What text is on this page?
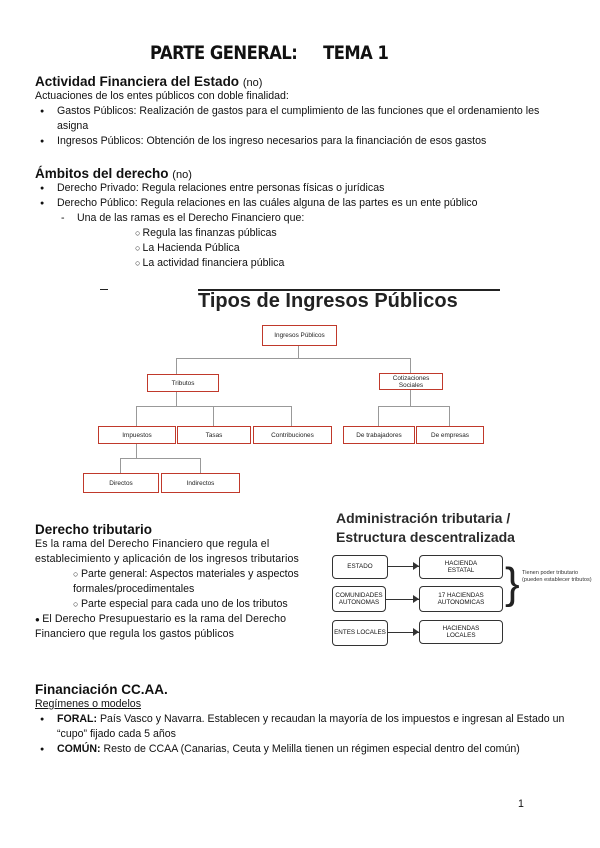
PARTE GENERAL: TEMA 1
Actividad Financiera del Estado (no)
Actuaciones de los entes públicos con doble finalidad:
● Gastos Públicos: Realización de gastos para el cumplimiento de las funciones que el ordenamiento les asigna
● Ingresos Públicos: Obtención de los ingreso necesarios para la financiación de esos gastos
Ámbitos del derecho (no)
● Derecho Privado: Regula relaciones entre personas físicas o jurídicas
● Derecho Público: Regula relaciones en las cuáles alguna de las partes es un ente público
- Una de las ramas es el Derecho Financiero que:
○ Regula las finanzas públicas
○ La Hacienda Pública
○ La actividad financiera pública
Tipos de Ingresos Públicos
Ingresos Públicos
Tributos
Cotizaciones Sociales
Impuestos	Tasas	Contribuciones	De trabajadores	De empresas
Directos	Indirectos
Derecho tributario
Es la rama del Derecho Financiero que regula el establecimiento y aplicación de los ingresos tributarios
○ Parte general: Aspectos materiales y aspectos formales/procedimentales
○ Parte especial para cada uno de los tributos
● El Derecho Presupuestario es la rama del Derecho Financiero que regula los gastos públicos
Administración tributaria /
Estructura descentralizada
ESTADO
HACIENDA ESTATAL
COMUNIDADES AUTONOMAS
17 HACIENDAS AUTONOMICAS
ENTES LOCALES
HACIENDAS LOCALES
} Tienen poder tributario (pueden establecer tributos)
Financiación CC.AA.
Regímenes o modelos
● FORAL: País Vasco y Navarra. Establecen y recaudan la mayoría de los impuestos e ingresan al Estado un “cupo” fijado cada 5 años
● COMÚN: Resto de CCAA (Canarias, Ceuta y Melilla tienen un régimen especial dentro del común)
1
